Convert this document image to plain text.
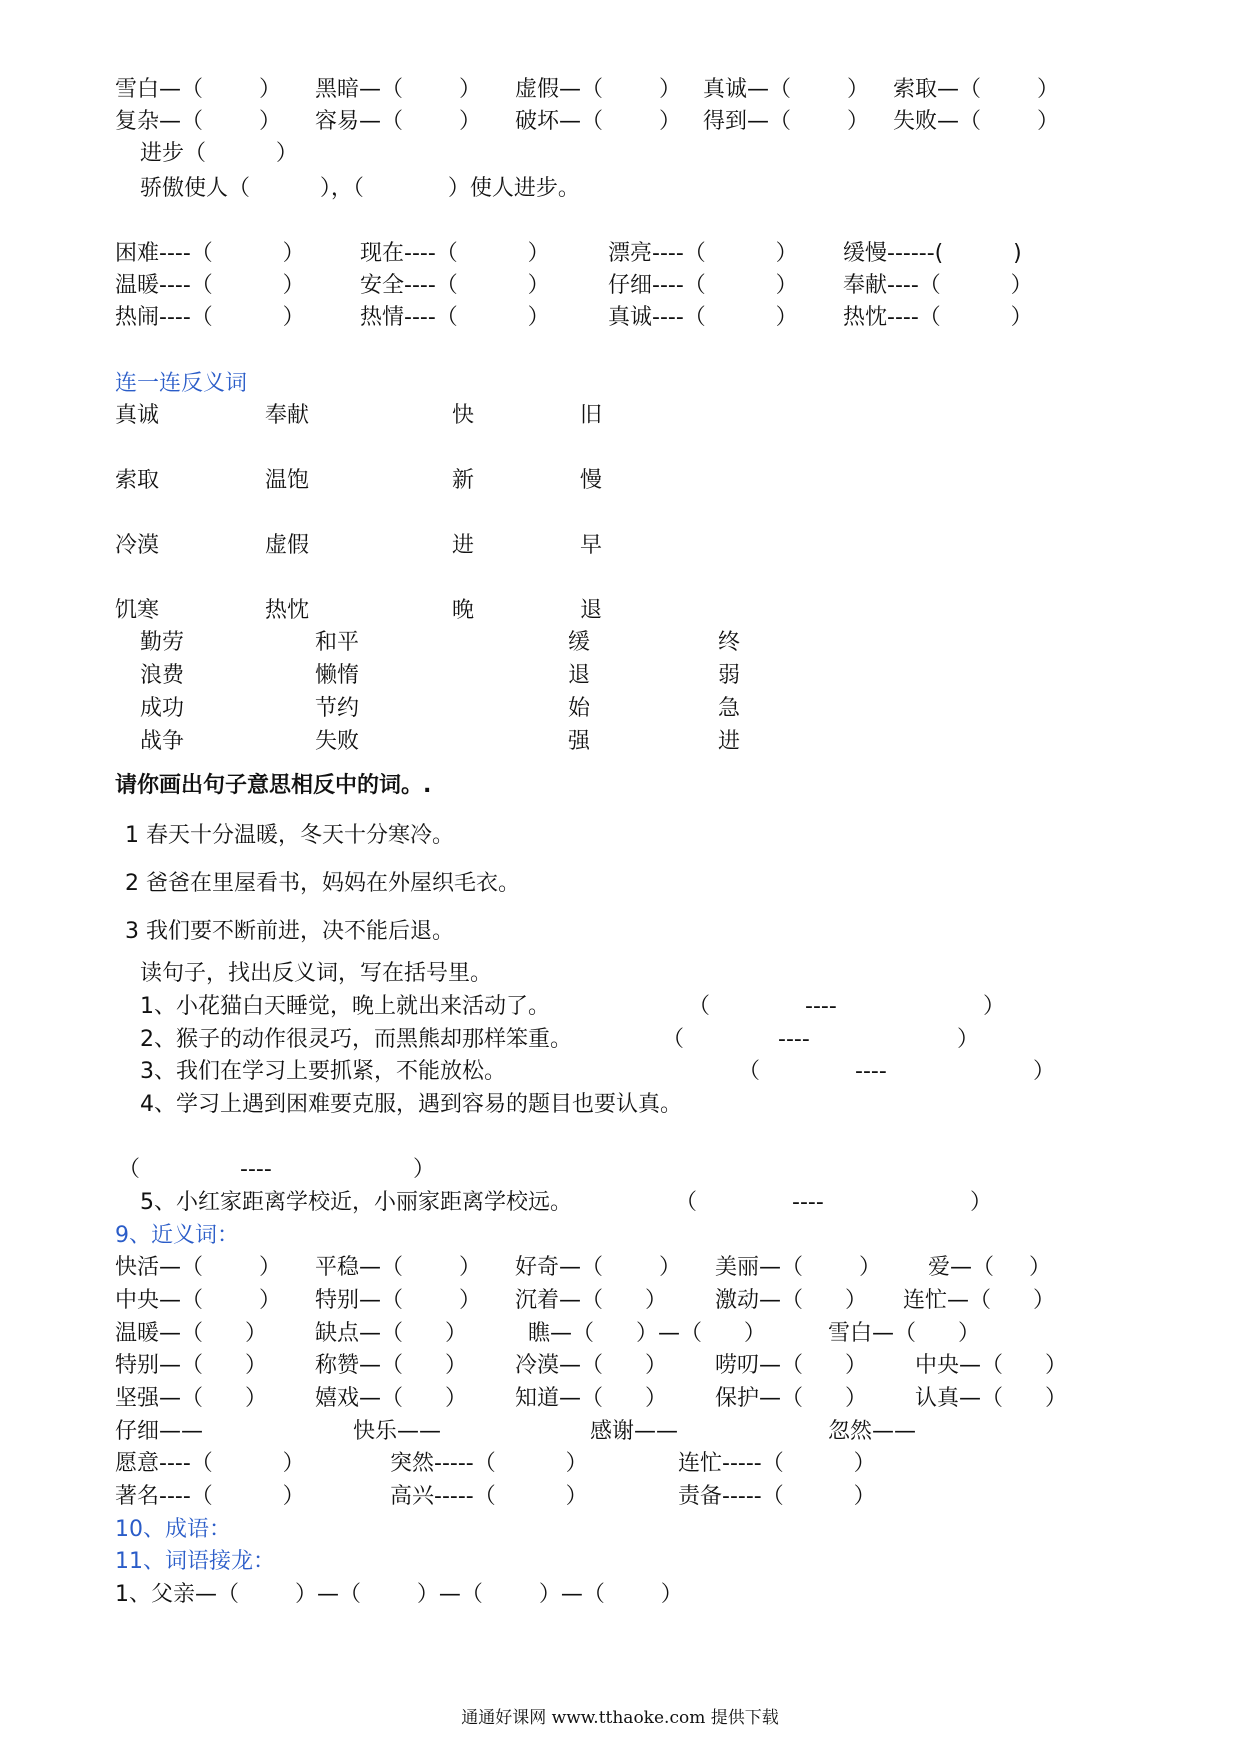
雪白—（        ） 黑暗—（        ） 虚假—（        ） 真诚—（        ） 索取—（        ）
复杂—（        ） 容易—（        ） 破坏—（        ） 得到—（        ） 失败—（        ）
进步（          ）
骄傲使人（          ），（            ）使人进步。
困难----（          ）	现在----（          ）	漂亮----（          ） 缓慢------(          )
温暖----（          ）	安全----（          ）	仔细----（          ） 奉献----（          ）
热闹----（          ）	热情----（          ）	真诚----（          ） 热忱----（          ）
连一连反义词
真诚	奉献	快	旧
索取	温饱	新	慢
冷漠	虚假	进	早
饥寒	热忱	晚	退
勤劳	和平	缓	终
浪费	懒惰	退	弱
成功	节约	始	急
战争	失败	强	进
请你画出句子意思相反中的词。.
1 春天十分温暖，冬天十分寒冷。
2 爸爸在里屋看书，妈妈在外屋织毛衣。
3 我们要不断前进，决不能后退。
读句子，找出反义词，写在括号里。
1、小花猫白天睡觉，晚上就出来活动了。	（	----	）
2、猴子的动作很灵巧，而黑熊却那样笨重。	（	----	）
3、我们在学习上要抓紧，不能放松。	（	----	）
4、学习上遇到困难要克服，遇到容易的题目也要认真。
（	----	）
5、小红家距离学校近，小丽家距离学校远。	（	----	）
9、近义词：
快活—（        ） 平稳—（        ） 好奇—（        ） 美丽—（        ） 爱—（     ）
中央—（        ） 特别—（        ） 沉着—（      ） 激动—（      ） 连忙—（      ）
温暖—（      ） 缺点—（      ）	瞧—（      ）—（      ）	雪白—（      ）
特别—（      ） 称赞—（      ） 冷漠—（      ） 唠叨—（      ） 中央—（      ）
坚强—（      ） 嬉戏—（      ） 知道—（      ） 保护—（      ） 认真—（      ）
仔细——	快乐——	感谢——	忽然——
愿意----（          ）	突然-----（          ）	连忙-----（          ）
著名----（          ）	高兴-----（          ）	责备-----（          ）
10、成语：
11、词语接龙：
1、父亲—（        ）—（        ）—（        ）—（        ）
通通好课网 www.tthaoke.com 提供下载
